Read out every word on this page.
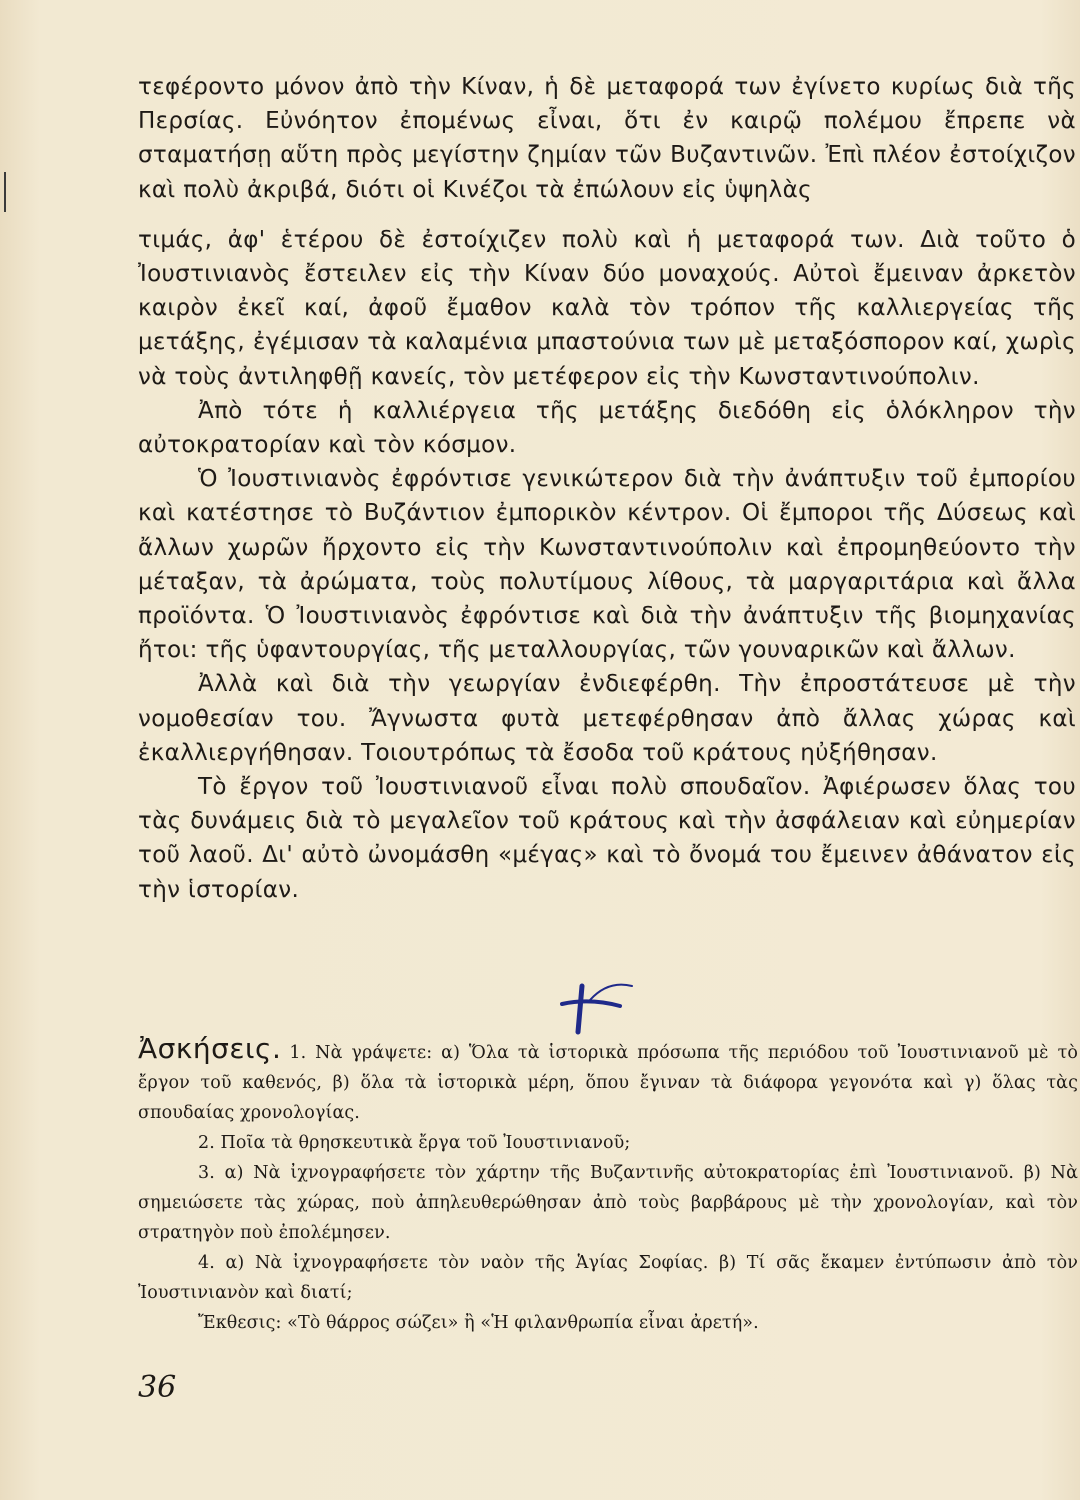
τεφέροντο μόνον ἀπὸ τὴν Κίναν, ἡ δὲ μεταφορά των ἐγίνετο κυρίως διὰ τῆς Περσίας. Εὐνόητον ἐπομένως εἶναι, ὅτι ἐν καιρῷ πολέμου ἔπρεπε νὰ σταματήσῃ αὕτη πρὸς μεγίστην ζημίαν τῶν Βυζαντινῶν. Ἐπὶ πλέον ἐστοίχιζον καὶ πολὺ ἀκριβά, διότι οἱ Κινέζοι τὰ ἐπώλουν εἰς ὑψηλὰς

τιμάς, ἀφ' ἑτέρου δὲ ἐστοίχιζεν πολὺ καὶ ἡ μεταφορά των. Διὰ τοῦτο ὁ Ἰουστινιανὸς ἔστειλεν εἰς τὴν Κίναν δύο μοναχούς. Αὐτοὶ ἔμειναν ἀρκετὸν καιρὸν ἐκεῖ καί, ἀφοῦ ἔμαθον καλὰ τὸν τρόπον τῆς καλλιεργείας τῆς μετάξης, ἐγέμισαν τὰ καλαμένια μπαστούνια των μὲ μεταξόσπορον καί, χωρὶς νὰ τοὺς ἀντιληφθῇ κανείς, τὸν μετέφερον εἰς τὴν Κωνσταντινούπολιν.

Ἀπὸ τότε ἡ καλλιέργεια τῆς μετάξης διεδόθη εἰς ὁλόκληρον τὴν αὐτοκρατορίαν καὶ τὸν κόσμον.

Ὁ Ἰουστινιανὸς ἐφρόντισε γενικώτερον διὰ τὴν ἀνάπτυξιν τοῦ ἐμπορίου καὶ κατέστησε τὸ Βυζάντιον ἐμπορικὸν κέντρον. Οἱ ἔμποροι τῆς Δύσεως καὶ ἄλλων χωρῶν ἤρχοντο εἰς τὴν Κωνσταντινούπολιν καὶ ἐπρομηθεύοντο τὴν μέταξαν, τὰ ἀρώματα, τοὺς πολυτίμους λίθους, τὰ μαργαριτάρια καὶ ἄλλα προϊόντα. Ὁ Ἰουστινιανὸς ἐφρόντισε καὶ διὰ τὴν ἀνάπτυξιν τῆς βιομηχανίας ἤτοι: τῆς ὑφαντουργίας, τῆς μεταλλουργίας, τῶν γουναρικῶν καὶ ἄλλων.

Ἀλλὰ καὶ διὰ τὴν γεωργίαν ἐνδιεφέρθη. Τὴν ἐπροστάτευσε μὲ τὴν νομοθεσίαν του. Ἄγνωστα φυτὰ μετεφέρθησαν ἀπὸ ἄλλας χώρας καὶ ἐκαλλιεργήθησαν. Τοιουτρόπως τὰ ἔσοδα τοῦ κράτους ηὐξήθησαν.

Τὸ ἔργον τοῦ Ἰουστινιανοῦ εἶναι πολὺ σπουδαῖον. Ἀφιέρωσεν ὅλας του τὰς δυνάμεις διὰ τὸ μεγαλεῖον τοῦ κράτους καὶ τὴν ἀσφάλειαν καὶ εὐημερίαν τοῦ λαοῦ. Δι' αὐτὸ ὠνομάσθη «μέγας» καὶ τὸ ὄνομά του ἔμεινεν ἀθάνατον εἰς τὴν ἱστορίαν.

Ἀσκήσεις. 1. Νὰ γράψετε: α) Ὅλα τὰ ἱστορικὰ πρόσωπα τῆς περιόδου τοῦ Ἰουστινιανοῦ μὲ τὸ ἔργον τοῦ καθενός, β) ὅλα τὰ ἱστορικὰ μέρη, ὅπου ἔγιναν τὰ διάφορα γεγονότα καὶ γ) ὅλας τὰς σπουδαίας χρονολογίας.

2. Ποῖα τὰ θρησκευτικὰ ἔργα τοῦ Ἰουστινιανοῦ;

3. α) Νὰ ἰχνογραφήσετε τὸν χάρτην τῆς Βυζαντινῆς αὐτοκρατορίας ἐπὶ Ἰουστινιανοῦ. β) Νὰ σημειώσετε τὰς χώρας, ποὺ ἀπηλευθερώθησαν ἀπὸ τοὺς βαρβάρους μὲ τὴν χρονολογίαν, καὶ τὸν στρατηγὸν ποὺ ἐπολέμησεν.

4. α) Νὰ ἰχνογραφήσετε τὸν ναὸν τῆς Ἁγίας Σοφίας. β) Τί σᾶς ἔκαμεν ἐντύπωσιν ἀπὸ τὸν Ἰουστινιανὸν καὶ διατί;

Ἔκθεσις: «Τὸ θάρρος σώζει» ἢ «Ἡ φιλανθρωπία εἶναι ἀρετή».

36
